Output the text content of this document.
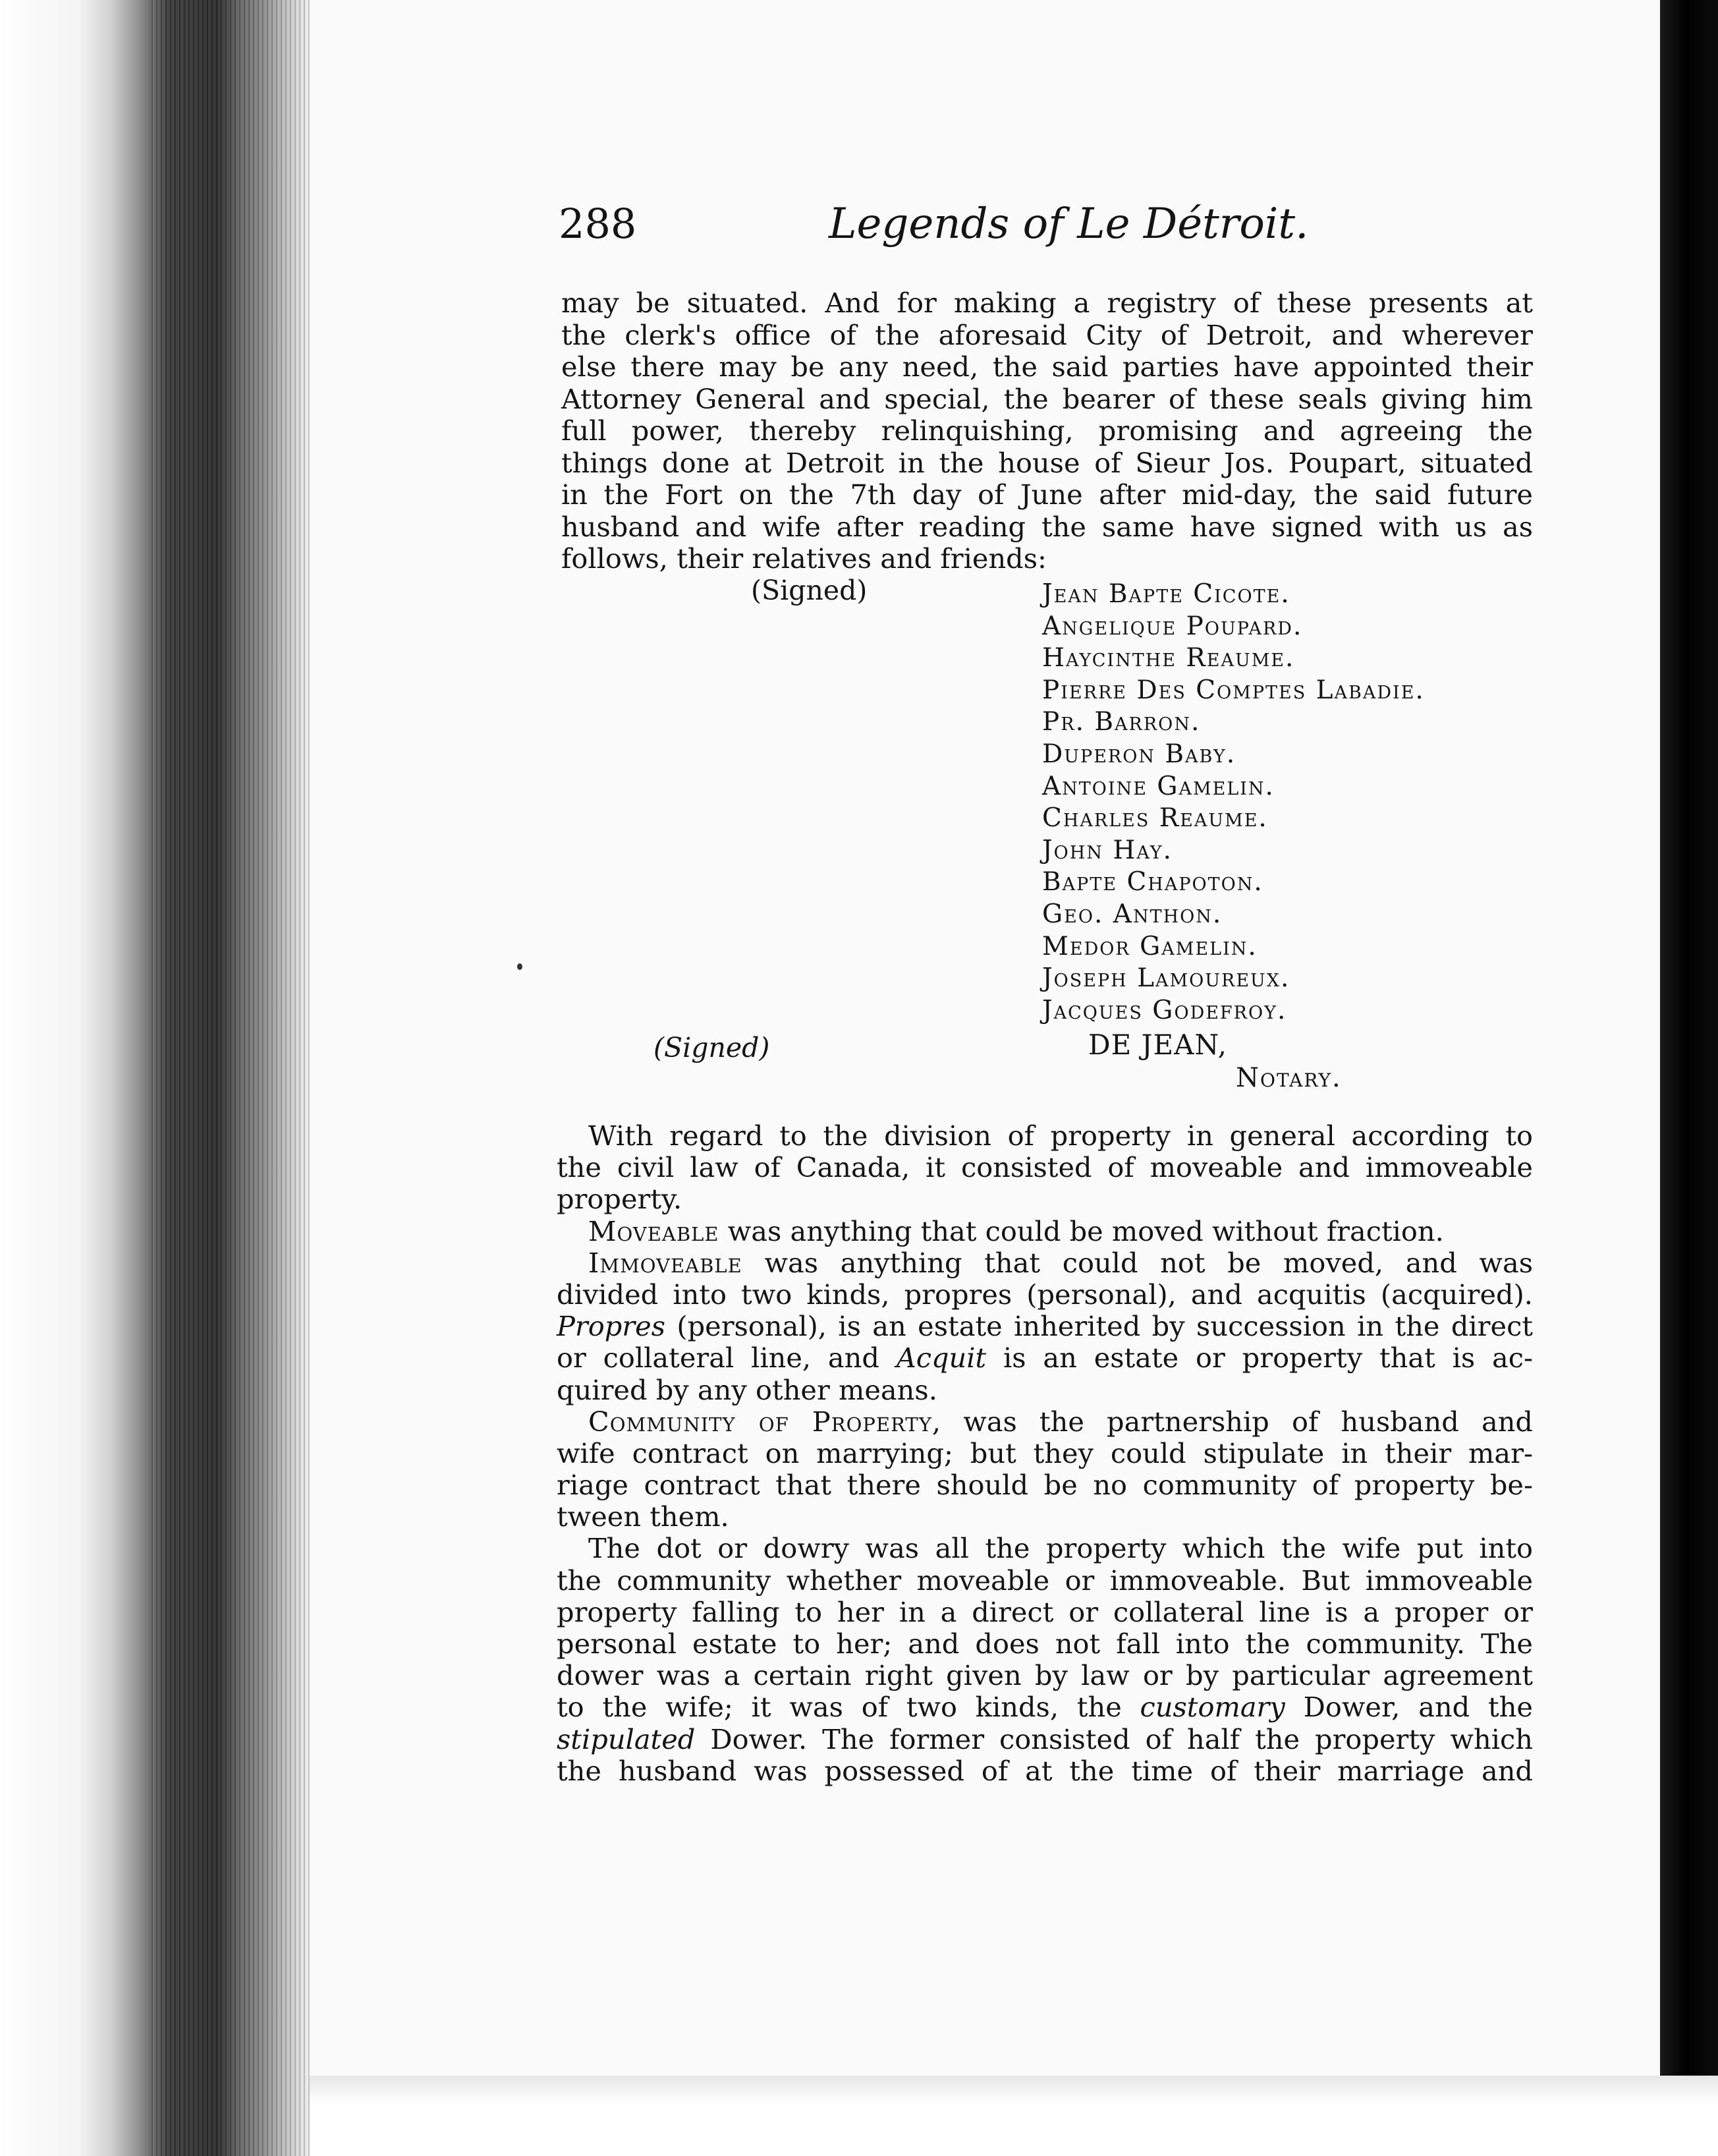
288	Legends of Le Détroit.
may be situated. And for making a registry of these presents at
the clerk's office of the aforesaid City of Detroit, and wherever
else there may be any need, the said parties have appointed their
Attorney General and special, the bearer of these seals giving him
full power, thereby relinquishing, promising and agreeing the
things done at Detroit in the house of Sieur Jos. Poupart, situated
in the Fort on the 7th day of June after mid-day, the said future
husband and wife after reading the same have signed with us as
follows, their relatives and friends:
(Signed)	Jean Bapte Cicote.
Angelique Poupard.
Haycinthe Reaume.
Pierre Des Comptes Labadie.
Pr. Barron.
Duperon Baby.
Antoine Gamelin.
Charles Reaume.
John Hay.
Bapte Chapoton.
Geo. Anthon.
Medor Gamelin.
Joseph Lamoureux.
Jacques Godefroy.
(Signed)	DE JEAN,
Notary.
With regard to the division of property in general according to
the civil law of Canada, it consisted of moveable and immoveable
property.
Moveable was anything that could be moved without fraction.
Immoveable was anything that could not be moved, and was
divided into two kinds, propres (personal), and acquitis (acquired).
Propres (personal), is an estate inherited by succession in the direct
or collateral line, and Acquit is an estate or property that is ac-
quired by any other means.
Community of Property, was the partnership of husband and
wife contract on marrying; but they could stipulate in their mar-
riage contract that there should be no community of property be-
tween them.
The dot or dowry was all the property which the wife put into
the community whether moveable or immoveable. But immoveable
property falling to her in a direct or collateral line is a proper or
personal estate to her; and does not fall into the community. The
dower was a certain right given by law or by particular agreement
to the wife; it was of two kinds, the customary Dower, and the
stipulated Dower. The former consisted of half the property which
the husband was possessed of at the time of their marriage and
